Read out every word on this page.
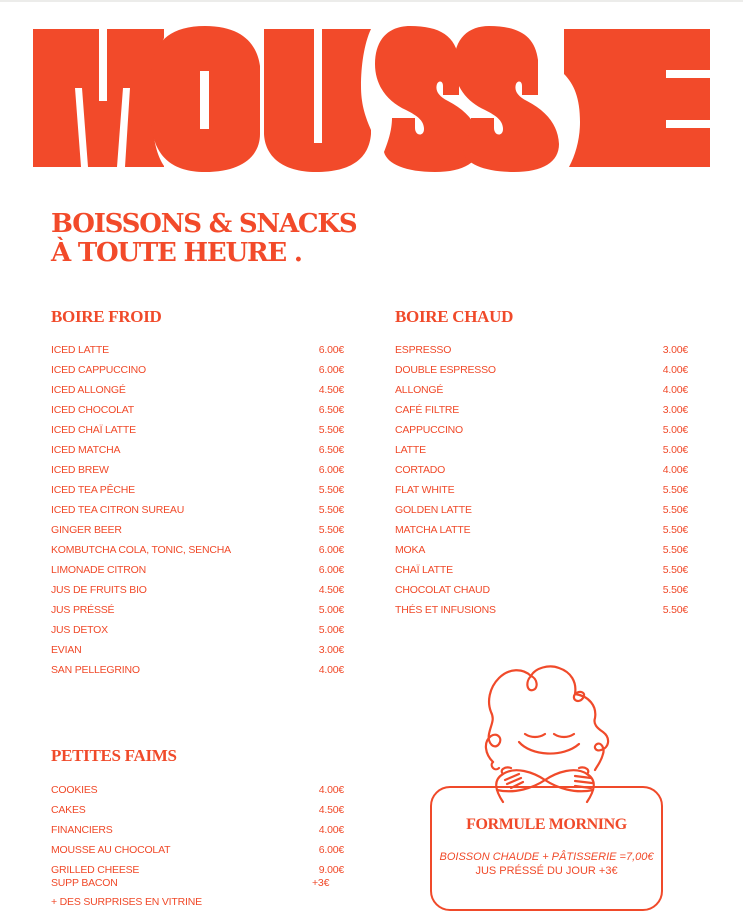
BOISSONS & SNACKS
À TOUTE HEURE .
BOIRE FROID
ICED LATTE	6.00€
ICED CAPPUCCINO	6.00€
ICED ALLONGÉ	4.50€
ICED CHOCOLAT	6.50€
ICED CHAÏ LATTE	5.50€
ICED MATCHA	6.50€
ICED BREW	6.00€
ICED TEA PÊCHE	5.50€
ICED TEA CITRON SUREAU	5.50€
GINGER BEER	5.50€
KOMBUTCHA COLA, TONIC, SENCHA	6.00€
LIMONADE CITRON	6.00€
JUS DE FRUITS BIO	4.50€
JUS PRÉSSÉ	5.00€
JUS DETOX	5.00€
EVIAN	3.00€
SAN PELLEGRINO	4.00€
BOIRE CHAUD
ESPRESSO	3.00€
DOUBLE ESPRESSO	4.00€
ALLONGÉ	4.00€
CAFÉ FILTRE	3.00€
CAPPUCCINO	5.00€
LATTE	5.00€
CORTADO	4.00€
FLAT WHITE	5.50€
GOLDEN LATTE	5.50€
MATCHA LATTE	5.50€
MOKA	5.50€
CHAÏ LATTE	5.50€
CHOCOLAT CHAUD	5.50€
THÉS ET INFUSIONS	5.50€
PETITES FAIMS
COOKIES	4.00€
CAKES	4.50€
FINANCIERS	4.00€
MOUSSE AU CHOCOLAT	6.00€
GRILLED CHEESE	9.00€
SUPP BACON	+3€
+ DES SURPRISES EN VITRINE
FORMULE MORNING
BOISSON CHAUDE + PÂTISSERIE =7,00€
JUS PRÉSSÉ DU JOUR +3€
